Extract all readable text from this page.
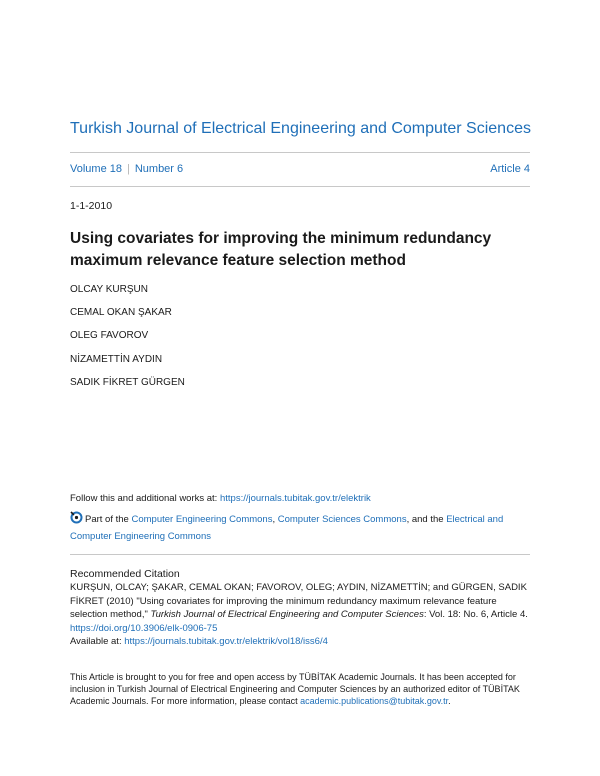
Turkish Journal of Electrical Engineering and Computer Sciences
Volume 18 | Number 6	Article 4
1-1-2010
Using covariates for improving the minimum redundancy maximum relevance feature selection method
OLCAY KURŞUN
CEMAL OKAN ŞAKAR
OLEG FAVOROV
NİZAMETTİN AYDIN
SADIK FİKRET GÜRGEN
Follow this and additional works at: https://journals.tubitak.gov.tr/elektrik
Part of the Computer Engineering Commons, Computer Sciences Commons, and the Electrical and Computer Engineering Commons
Recommended Citation
KURŞUN, OLCAY; ŞAKAR, CEMAL OKAN; FAVOROV, OLEG; AYDIN, NİZAMETTİN; and GÜRGEN, SADIK FİKRET (2010) "Using covariates for improving the minimum redundancy maximum relevance feature selection method," Turkish Journal of Electrical Engineering and Computer Sciences: Vol. 18: No. 6, Article 4. https://doi.org/10.3906/elk-0906-75
Available at: https://journals.tubitak.gov.tr/elektrik/vol18/iss6/4
This Article is brought to you for free and open access by TÜBİTAK Academic Journals. It has been accepted for inclusion in Turkish Journal of Electrical Engineering and Computer Sciences by an authorized editor of TÜBİTAK Academic Journals. For more information, please contact academic.publications@tubitak.gov.tr.
